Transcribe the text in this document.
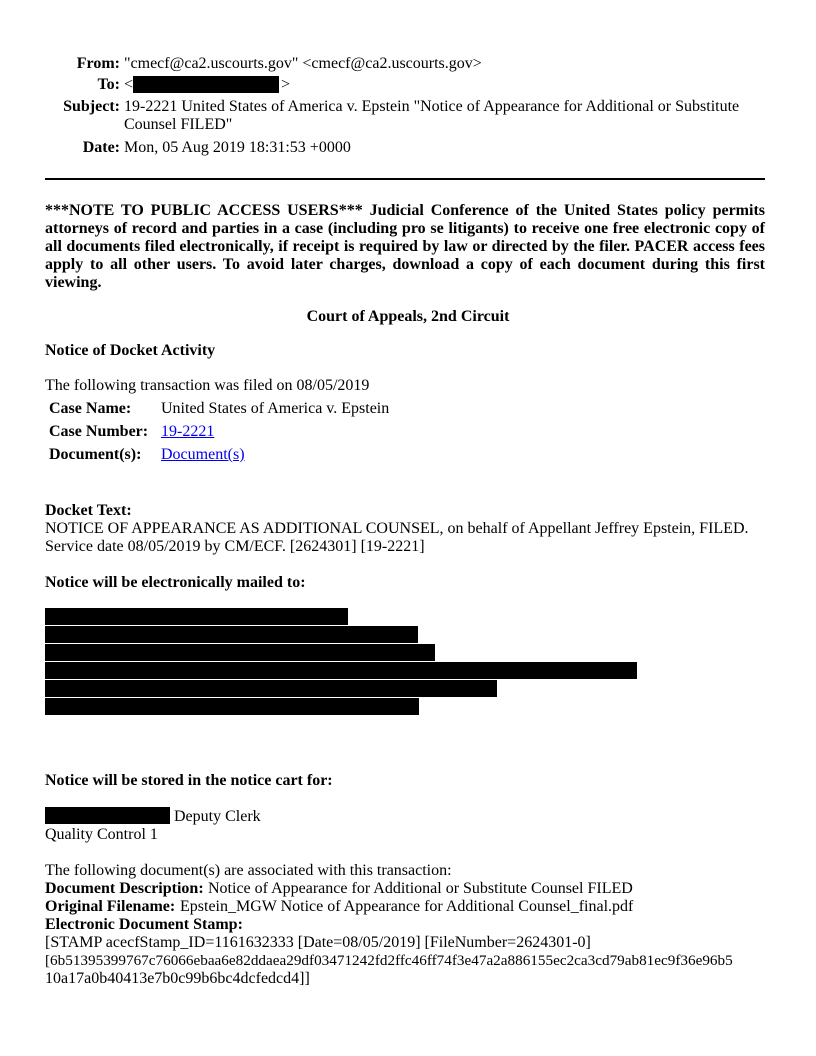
From: "cmecf@ca2.uscourts.gov" <cmecf@ca2.uscourts.gov>
To: <	>
Subject: 19-2221 United States of America v. Epstein "Notice of Appearance for Additional or Substitute
Counsel FILED"
Date: Mon, 05 Aug 2019 18:31:53 +0000
***NOTE TO PUBLIC ACCESS USERS*** Judicial Conference of the United States policy permits attorneys of record and parties in a case (including pro se litigants) to receive one free electronic copy of all documents filed electronically, if receipt is required by law or directed by the filer. PACER access fees apply to all other users. To avoid later charges, download a copy of each document during this first viewing.
Court of Appeals, 2nd Circuit
Notice of Docket Activity
The following transaction was filed on 08/05/2019
Case Name: United States of America v. Epstein
Case Number: 19-2221
Document(s): Document(s)
Docket Text:
NOTICE OF APPEARANCE AS ADDITIONAL COUNSEL, on behalf of Appellant Jeffrey Epstein, FILED.
Service date 08/05/2019 by CM/ECF. [2624301] [19-2221]
Notice will be electronically mailed to:
Notice will be stored in the notice cart for:
Deputy Clerk
Quality Control 1
The following document(s) are associated with this transaction:
Document Description: Notice of Appearance for Additional or Substitute Counsel FILED
Original Filename: Epstein_MGW Notice of Appearance for Additional Counsel_final.pdf
Electronic Document Stamp:
[STAMP acecfStamp_ID=1161632333 [Date=08/05/2019] [FileNumber=2624301-0]
[6b51395399767c76066ebaa6e82ddaea29df03471242fd2ffc46ff74f3e47a2a886155ec2ca3cd79ab81ec9f36e96b5
10a17a0b40413e7b0c99b6bc4dcfedcd4]]
